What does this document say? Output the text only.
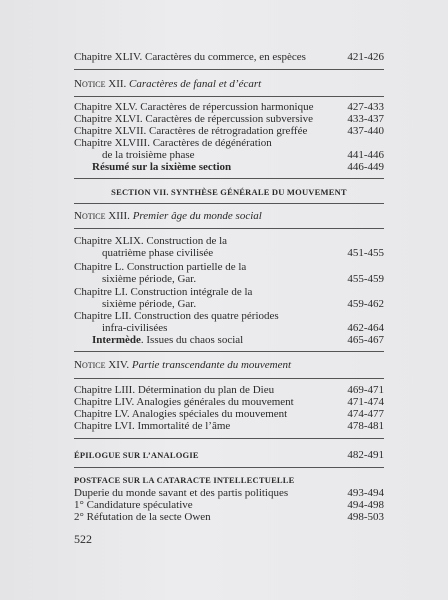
Chapitre XLIV. Caractères du commerce, en espèces	421-426
Notice XII. Caractères de fanal et d’écart
Chapitre XLV. Caractères de répercussion harmonique	427-433
Chapitre XLVI. Caractères de répercussion subversive	433-437
Chapitre XLVII. Caractères de rétrogradation greffée	437-440
Chapitre XLVIII. Caractères de dégénération
de la troisième phase	441-446
Résumé sur la sixième section	446-449
SECTION VII. SYNTHÈSE GÉNÉRALE DU MOUVEMENT
Notice XIII. Premier âge du monde social
Chapitre XLIX. Construction de la
quatrième phase civilisée	451-455
Chapitre L. Construction partielle de la
sixième période, Gar.	455-459
Chapitre LI. Construction intégrale de la
sixième période, Gar.	459-462
Chapitre LII. Construction des quatre périodes
infra-civilisées	462-464
Intermède. Issues du chaos social	465-467
Notice XIV. Partie transcendante du mouvement
Chapitre LIII. Détermination du plan de Dieu	469-471
Chapitre LIV. Analogies générales du mouvement	471-474
Chapitre LV. Analogies spéciales du mouvement	474-477
Chapitre LVI. Immortalité de l’âme	478-481
ÉPILOGUE SUR L’ANALOGIE	482-491
POSTFACE SUR LA CATARACTE INTELLECTUELLE
Duperie du monde savant et des partis politiques	493-494
1° Candidature spéculative	494-498
2° Réfutation de la secte Owen	498-503
522
